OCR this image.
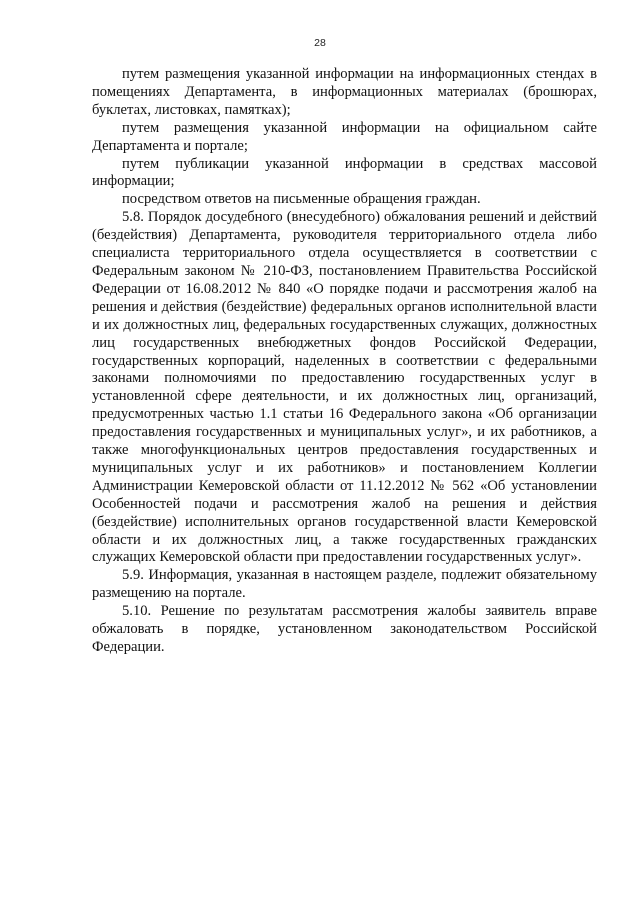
28

путем размещения указанной информации на информационных стендах в помещениях Департамента, в информационных материалах (брошюрах, буклетах, листовках, памятках);

путем размещения указанной информации на официальном сайте Департамента и портале;

путем публикации указанной информации в средствах массовой информации;

посредством ответов на письменные обращения граждан.

5.8. Порядок досудебного (внесудебного) обжалования решений и действий (бездействия) Департамента, руководителя территориального отдела либо специалиста территориального отдела осуществляется в соответствии с Федеральным законом № 210-ФЗ, постановлением Правительства Российской Федерации от 16.08.2012 № 840 «О порядке подачи и рассмотрения жалоб на решения и действия (бездействие) федеральных органов исполнительной власти и их должностных лиц, федеральных государственных служащих, должностных лиц государственных внебюджетных фондов Российской Федерации, государственных корпораций, наделенных в соответствии с федеральными законами полномочиями по предоставлению государственных услуг в установленной сфере деятельности, и их должностных лиц, организаций, предусмотренных частью 1.1 статьи 16 Федерального закона «Об организации предоставления государственных и муниципальных услуг», и их работников, а также многофункциональных центров предоставления государственных и муниципальных услуг и их работников» и постановлением Коллегии Администрации Кемеровской области от 11.12.2012 № 562 «Об установлении Особенностей подачи и рассмотрения жалоб на решения и действия (бездействие) исполнительных органов государственной власти Кемеровской области и их должностных лиц, а также государственных гражданских служащих Кемеровской области при предоставлении государственных услуг».

5.9. Информация, указанная в настоящем разделе, подлежит обязательному размещению на портале.

5.10. Решение по результатам рассмотрения жалобы заявитель вправе обжаловать в порядке, установленном законодательством Российской Федерации.
